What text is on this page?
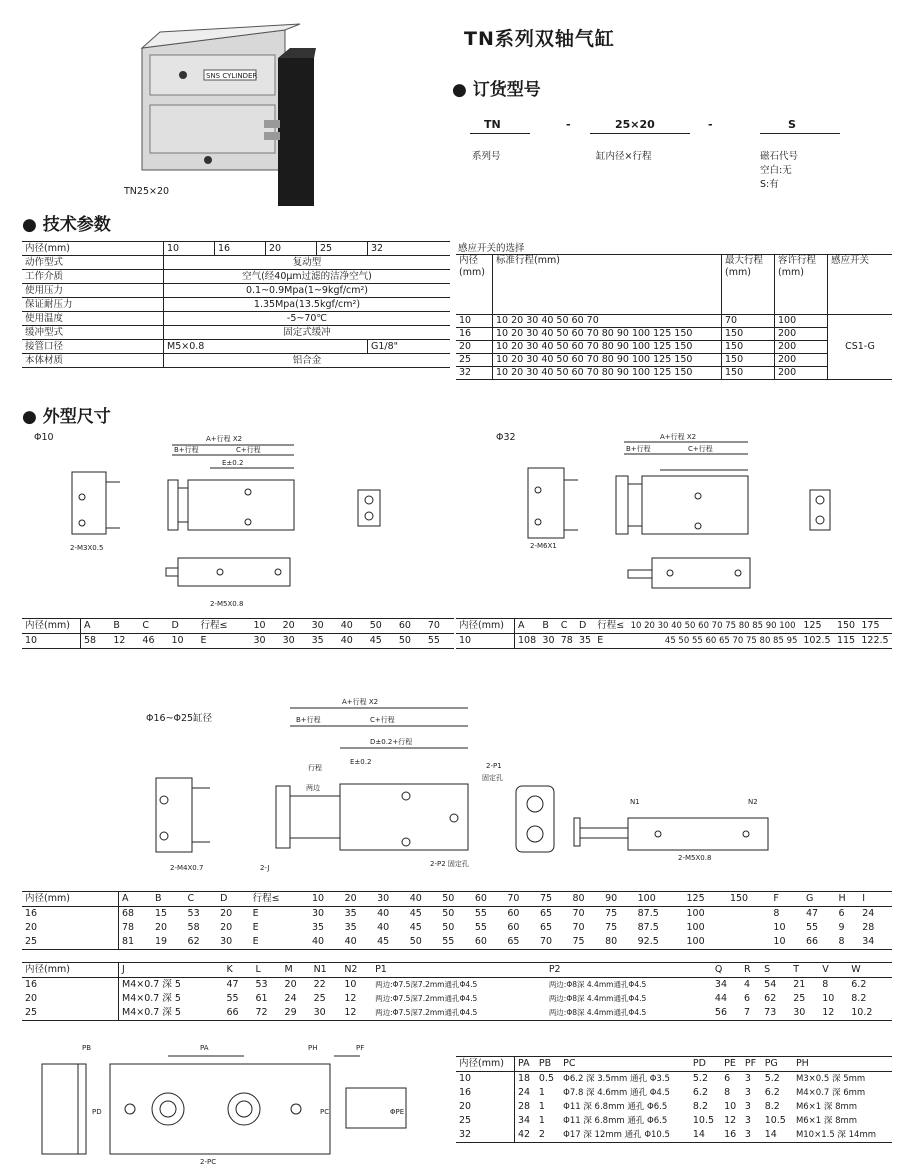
SNS CYLINDER
TN25×20
TN系列双轴气缸
● 订货型号
TN	-	25×20	-	S
系列号	缸内径×行程	磁石代号
空白:无
S:有
● 技术参数
内径(mm)	10	16	20	25	32
动作型式	复动型				
工作介质	空气(经40μm过滤的洁净空气)				
使用压力	0.1~0.9Mpa(1~9kgf/cm²)				
保证耐压力	1.35Mpa(13.5kgf/cm²)				
使用温度	-5~70℃				
缓冲型式	固定式缓冲				
接管口径	M5×0.8				G1/8"
本体材质	铝合金				
感应开关的选择
内径(mm)	标准行程(mm)	最大行程(mm)	容许行程(mm)	感应开关
10	10 20 30 40 50 60 70	70	100	CS1-G
16	10 20 30 40 50 60 70 80 90 100 125 150	150	200	
20	10 20 30 40 50 60 70 80 90 100 125 150	150	200	
25	10 20 30 40 50 60 70 80 90 100 125 150	150	200	
32	10 20 30 40 50 60 70 80 90 100 125 150	150	200	
● 外型尺寸
Φ10	Φ32
A+行程 X2
B+行程	C+行程
E±0.2
2-M3X0.5
2-M5X0.8
A+行程 X2
B+行程	C+行程
2-M6X1
内径(mm)	A	B	C	D	行程≤	10	20	30	40	50	60	70
10	58	12	46	10	E	30	30	35	40	45	50	55
内径(mm)	A	B	C	D	行程≤	10 20 30 40 50 60 70 75 80 85 90 100	125	150	175
10	108	30	78	35	E	45 50 55 60 65 70 75 80 85 95	102.5	115	122.5
Φ16~Φ25缸径
A+行程 X2
B+行程	C+行程
D±0.2+行程
E±0.2
行程
两边
2-P1
固定孔
2-P2 固定孔
2-M4X0.7	2-J
N1	N2
2-M5X0.8
内径(mm)	A	B	C	D	行程≤	10	20	30	40	50	60	70	75	80	90	100	125	150	F	G	H	I
16	68	15	53	20	E	30	35	40	45	50	55	60	65	70	75	87.5	100		8	47	6	24
20	78	20	58	20	E	35	35	40	45	50	55	60	65	70	75	87.5	100		10	55	9	28
25	81	19	62	30	E	40	40	45	50	55	60	65	70	75	80	92.5	100		10	66	8	34
内径(mm)	J	K	L	M	N1	N2	P1	P2	Q	R	S	T	V	W
16	M4×0.7 深 5	47	53	20	22	10	两边:Φ7.5深7.2mm通孔Φ4.5	两边:Φ8深 4.4mm通孔Φ4.5	34	4	54	21	8	6.2
20	M4×0.7 深 5	55	61	24	25	12	两边:Φ7.5深7.2mm通孔Φ4.5	两边:Φ8深 4.4mm通孔Φ4.5	44	6	62	25	10	8.2
25	M4×0.7 深 5	66	72	29	30	12	两边:Φ7.5深7.2mm通孔Φ4.5	两边:Φ8深 4.4mm通孔Φ4.5	56	7	73	30	12	10.2
PB	PA
PD
2-PC
PH	PF
PC	ΦPE
内径(mm)	PA	PB	PC	PD	PE	PF	PG	PH
10	18	0.5	Φ6.2 深 3.5mm 通孔 Φ3.5	5.2	6	3	5.2	M3×0.5 深 5mm
16	24	1	Φ7.8 深 4.6mm 通孔 Φ4.5	6.2	8	3	6.2	M4×0.7 深 6mm
20	28	1	Φ11 深 6.8mm 通孔 Φ6.5	8.2	10	3	8.2	M6×1 深 8mm
25	34	1	Φ11 深 6.8mm 通孔 Φ6.5	10.5	12	3	10.5	M6×1 深 8mm
32	42	2	Φ17 深 12mm 通孔 Φ10.5	14	16	3	14	M10×1.5 深 14mm
